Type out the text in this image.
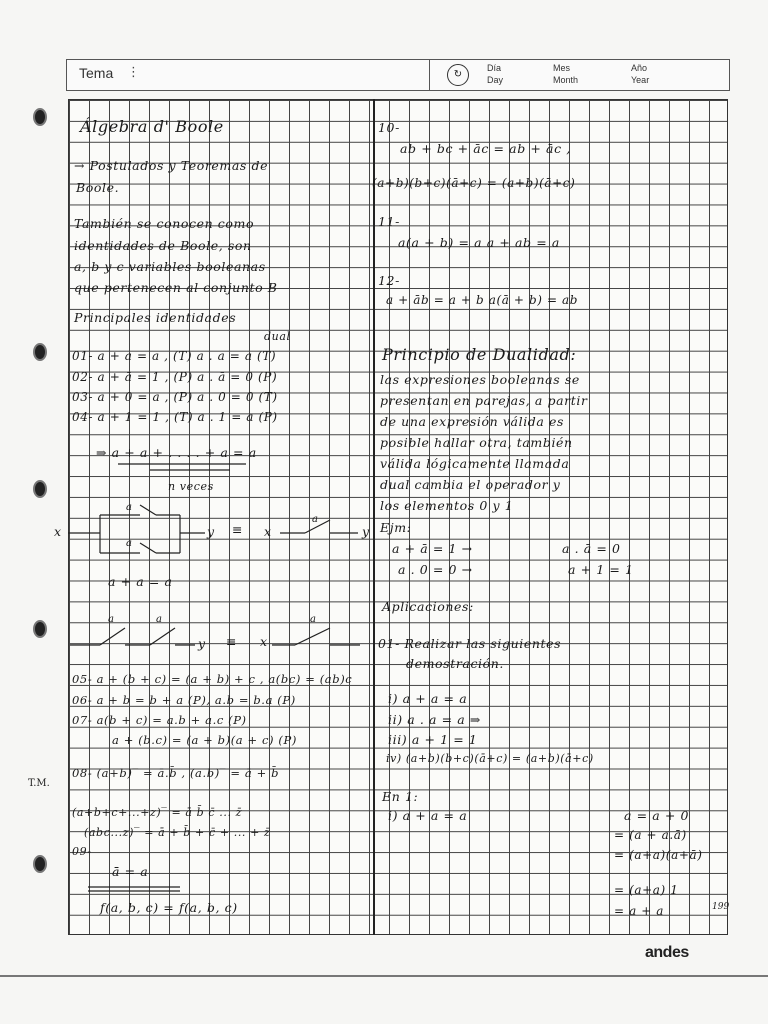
Tema ⋮	↻
Día
Day
Mes
Month
Año
Year
Álgebra d' Boole
→ Postulados y Teoremas de
Boole.
También se conocen como
identidades de Boole, son
a, b y c variables booleanas
que pertenecen al conjunto B
Principales identidades
dual
01- a + a = a , (T) a . a = a (T)
02- a + ā = 1 , (P) a . ā = 0 (P)
03- a + 0 = a , (P) a . 0 = 0 (T)
04- a + 1 = 1 , (T) a . 1 = a (P)
⇒ a + a + . . . . + a = a
n veces
x
a
a
y ≡ x
a
y
a + a = a
a	a
y ≡ x
a
05- a + (b + c) = (a + b) + c , a(bc) = (ab)c
06- a + b = b + a (P), a.b = b.a (P)
07- a(b + c) = a.b + a.c (P)
a + (b.c) = (a + b)(a + c) (P)
08- (a+b)‾ = ā.b̄ , (a.b)‾ = ā + b̄
(a+b+c+...+z)‾ = ā b̄ c̄ ... z̄
(abc...z)‾ = ā + b̄ + c̄ + ... + z̄
09-
ā̄ = a
f(a, b, c) = f(a, b, c)
10-
ab + bc + āc = ab + āc ,
(a+b)(b+c)(ā+c) = (a+b)(ā+c)
11-
a(a + b) = a a + ab = a
12-
a + āb = a + b a(ā + b) = ab
Principio de Dualidad:
las expresiones booleanas se
presentan en parejas, a partir
de una expresión válida es
posible hallar otra, también
válida lógicamente llamada
dual cambia el operador y
los elementos 0 y 1
Ejm:
a + ā = 1 →	a . ā = 0
a . 0 = 0 →	a + 1 = 1
Aplicaciones:
01- Realizar las siguientes
demostración.
i) a + a = a
ii) a . a = a ⇒
iii) a + 1 = 1
iv) (a+b)(b+c)(ā+c) = (a+b)(ā+c)
En 1:
i) a + a = a	a = a + 0
= (a + a.ā)
= (a+a)(a+ā)
= (a+a) 1
= a + a
T.M.
199
andes
